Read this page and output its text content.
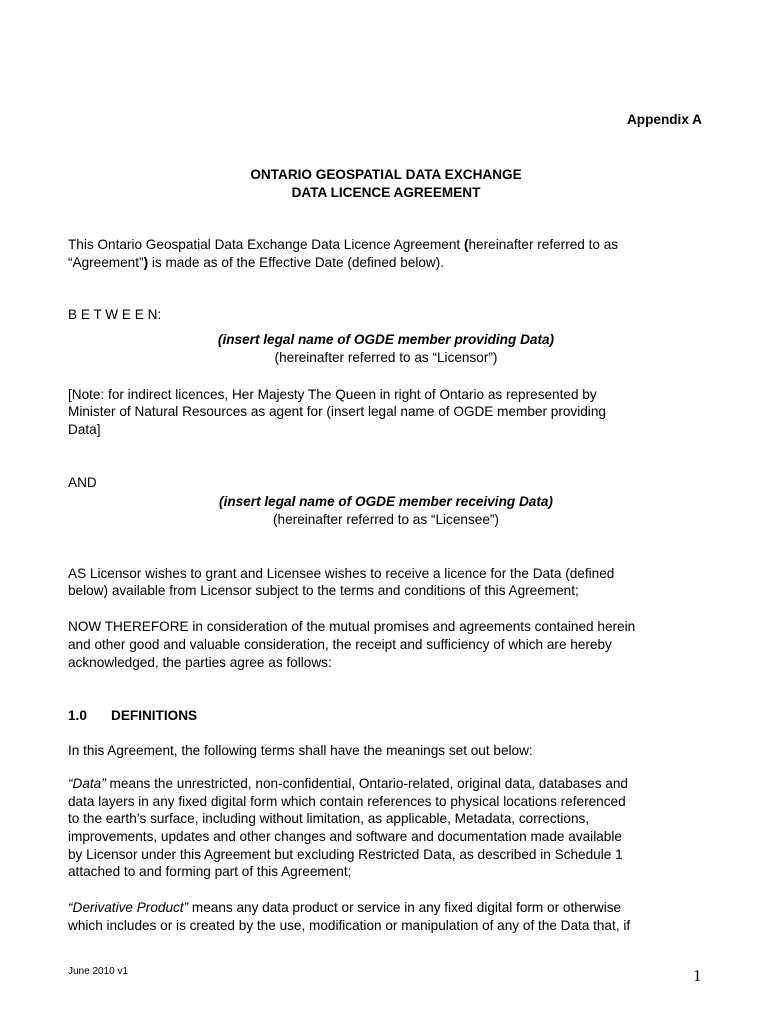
Appendix A
ONTARIO GEOSPATIAL DATA EXCHANGE
DATA LICENCE AGREEMENT
This Ontario Geospatial Data Exchange Data Licence Agreement (hereinafter referred to as
“Agreement”) is made as of the Effective Date (defined below).
B E T W E E N:
(insert legal name of OGDE member providing Data)
(hereinafter referred to as “Licensor”)
[Note: for indirect licences, Her Majesty The Queen in right of Ontario as represented by
Minister of Natural Resources as agent for (insert legal name of OGDE member providing
Data]
AND
(insert legal name of OGDE member receiving Data)
(hereinafter referred to as “Licensee”)
AS Licensor wishes to grant and Licensee wishes to receive a licence for the Data (defined
below) available from Licensor subject to the terms and conditions of this Agreement;
NOW THEREFORE in consideration of the mutual promises and agreements contained herein
and other good and valuable consideration, the receipt and sufficiency of which are hereby
acknowledged, the parties agree as follows:
1.0 DEFINITIONS
In this Agreement, the following terms shall have the meanings set out below:
“Data” means the unrestricted, non-confidential, Ontario-related, original data, databases and
data layers in any fixed digital form which contain references to physical locations referenced
to the earth’s surface, including without limitation, as applicable, Metadata, corrections,
improvements, updates and other changes and software and documentation made available
by Licensor under this Agreement but excluding Restricted Data, as described in Schedule 1
attached to and forming part of this Agreement;
“Derivative Product” means any data product or service in any fixed digital form or otherwise
which includes or is created by the use, modification or manipulation of any of the Data that, if
June 2010 v1	1
